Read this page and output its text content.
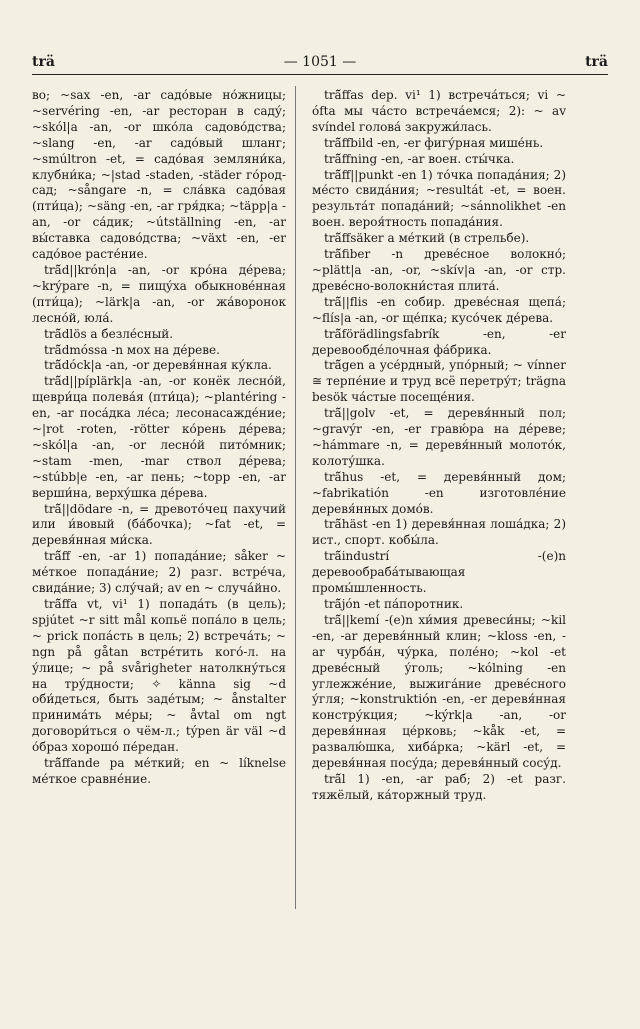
— 1051 —
trä	trä

во; ~sax -en, -ar садо́вые но́жницы; ~servéring -en, -ar ресторан в саду́; ~skól|a -an, -or шко́ла садово́дства; ~slang -en, -ar садо́вый шланг; ~smúltron -et, = садо́вая земляни́ка, клубни́ка; ~|stad -staden, -städer го́род-сад; ~sångare -n, = сла́вка садо́вая (пти́ца); ~säng -en, -ar гря́дка; ~täpp|a -an, -or са́дик; ~útställning -en, -ar вы́ставка садово́дства; ~växt -en, -er садо́вое расте́ние.

trä̆d||krón|a -an, -or кро́на де́рева; ~krýpare -n, = пищу́ха обыкнове́нная (пти́ца); ~lärk|a -an, -or жа́воронок лесно́й, юла́.

trä̆dlös a безле́сный.

trä̆dmóssa -n мох на де́реве.

trä̆dóck|a -an, -or деревя́нная ку́кла.

trä̆d||píplärk|a -an, -or конёк лесно́й, щеври́ца полева́я (пти́ца); ~plantéring -en, -ar поса́дка ле́са; лесонасажде́ние; ~|rot -roten, -rötter ко́рень де́рева; ~skól|a -an, -or лесно́й пито́мник; ~stam -men, -mar ствол де́рева; ~stúbb|e -en, -ar пень; ~topp -en, -ar верши́на, верху́шка де́рева.

trä̆||dödare -n, = древото́чец пахучий или и́вовый (ба́бочка); ~fat -et, = деревя́нная ми́ска.

trä̆ff -en, -ar 1) попада́ние; såker ~ ме́ткое попада́ние; 2) разг. встре́ча, свида́ние; 3) слу́чай; av en ~ случа́йно.

trä̆ffa vt, vi¹ 1) попада́ть (в цель); spjútet ~r sitt mål копьё попа́ло в цель; ~ prick попа́сть в цель; 2) встреча́ть; ~ ngn på gåtan встре́тить кого́-л. на у́лице; ~ på svårigheter натолкну́ться на тру́дности; ✧ känna sig ~d оби́деться, быть заде́тым; ~ ånstalter принима́ть ме́ры; ~ åvtal om ngt договори́ться о чём-л.; týpen är väl ~d о́браз хорошо́ пе́редан.

trä̆ffande pa ме́ткий; en ~ líknelse ме́ткое сравне́ние.

trä̆ffas dep. vi¹ 1) встреча́ться; vi ~ ófta мы ча́сто встреча́емся; 2): ~ av svíndel голова́ закружи́лась.

trä̆ffbild -en, -er фигу́рная мише́нь.

trä̆ffning -en, -ar воен. сты́чка.

trä̆ff||punkt -en 1) то́чка попада́ния; 2) ме́сто свида́ния; ~resultát -et, = воен. результа́т попада́ний; ~sánnolikhet -en воен. вероя́тность попада́ния.

trä̆ffsäker a ме́ткий (в стрельбе).

trä̆fiber -n древе́сное волокно́; ~plätt|a -an, -or, ~skív|a -an, -or стр. древе́сно-волокни́стая плита́.

trä̆||flis -en собир. древе́сная щепа́; ~flís|a -an, -or ще́пка; кусо́чек де́рева.

trä̆förädlingsfabrík -en, -er деревообде́лочная фа́брика.

trä̆gen a усе́рдный, упо́рный; ~ vínner ≅ терпе́ние и труд всё перетру́т; trägna besök ча́стые посеще́ния.

trä̆||golv -et, = деревя́нный пол; ~gravýr -en, -er гравю́ра на де́реве; ~hámmare -n, = деревя́нный молото́к, колоту́шка.

trä̆hus -et, = деревя́нный дом; ~fabrikatión -en изготовле́ние деревя́нных домо́в.

trä̆häst -en 1) деревя́нная лоша́дка; 2) ист., спорт. кобы́ла.

trä̆industrí -(e)n деревообраба́тывающая промы́шленность.

trä̆jón -et па́поротник.

trä̆||kemí -(e)n хи́мия древеси́ны; ~kil -en, -ar деревя́нный клин; ~kloss -en, -ar чурба́н, чу́рка, поле́но; ~kol -et древе́сный у́голь; ~kólning -en углежже́ние, выжига́ние древе́сного у́гля; ~konstruktión -en, -er деревя́нная констру́кция; ~kýrk|a -an, -or деревя́нная це́рковь; ~kåk -et, = развалю́шка, хиба́рка; ~kärl -et, = деревя́нная посу́да; деревя́нный сосу́д.

trä̆l 1) -en, -ar раб; 2) -et разг. тяжёлый, ка́торжный труд.
